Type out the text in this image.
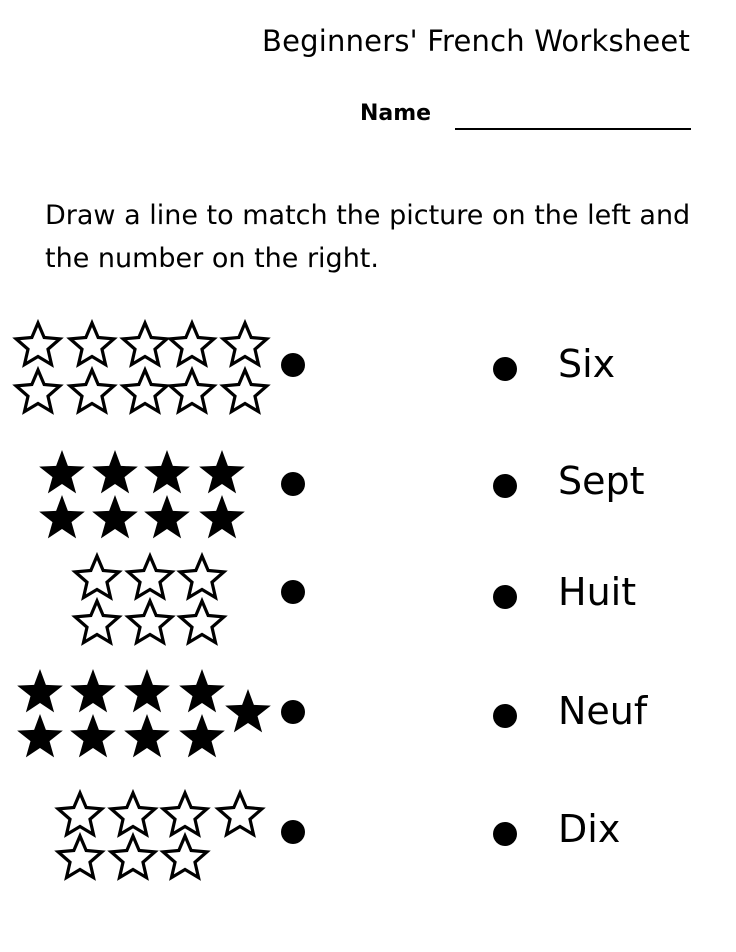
Beginners' French Worksheet
Name
Draw a line to match the picture on the left and the number on the right.
Six
Sept
Huit
Neuf
Dix
